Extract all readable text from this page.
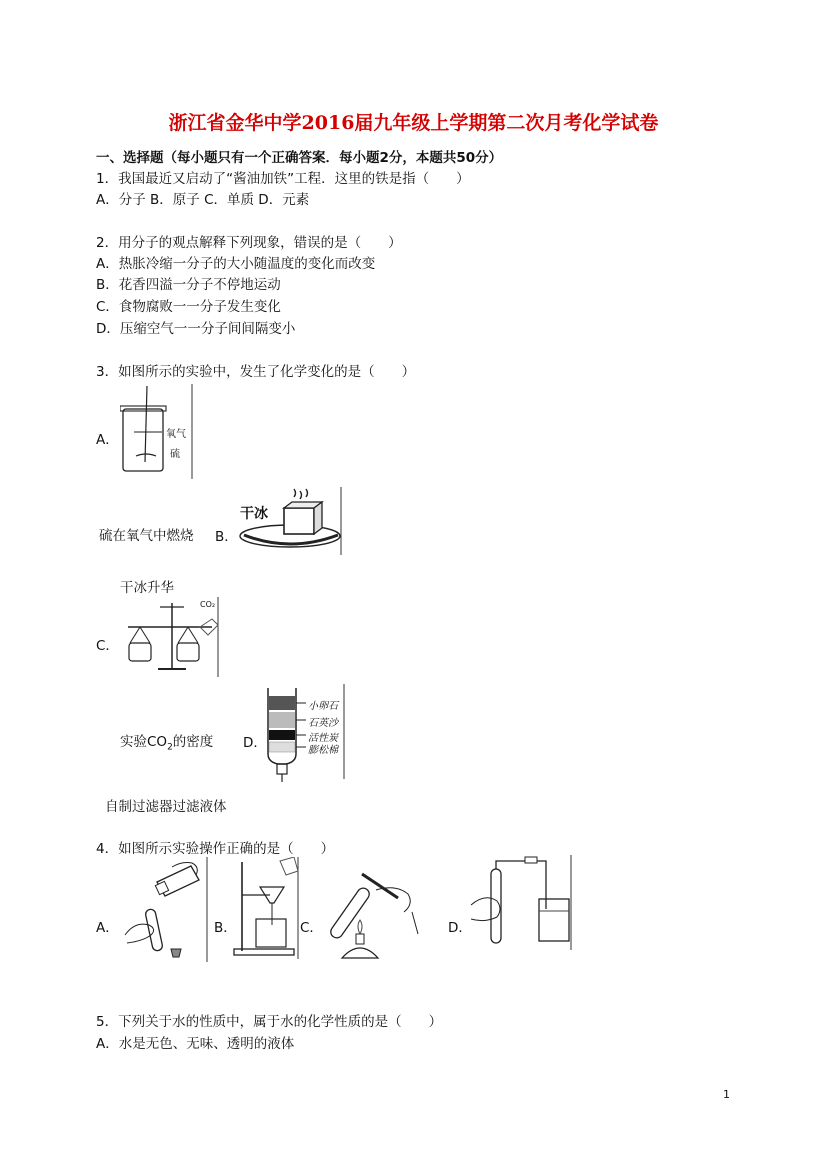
浙江省金华中学2016届九年级上学期第二次月考化学试卷
一、选择题（每小题只有一个正确答案．每小题2分，本题共50分）
1．我国最近又启动了“酱油加铁”工程．这里的铁是指（　　）
A．分子 B．原子 C．单质 D．元素
2．用分子的观点解释下列现象，错误的是（　　）
A．热胀冷缩一分子的大小随温度的变化而改变
B．花香四溢一分子不停地运动
C．食物腐败一一分子发生变化
D．压缩空气一一分子间间隔变小
3．如图所示的实验中，发生了化学变化的是（　　）
A．	氧气
硫
硫在氧气中燃烧 B．
干冰
干冰升华
C．
CO₂
实验$CO_2$的密度 D．
小卵石
石英沙
活性炭
膨松棉
自制过滤器过滤液体
4．如图所示实验操作正确的是（　　）
A．	B．	C．	D．
5．下列关于水的性质中，属于水的化学性质的是（　　）
A．水是无色、无味、透明的液体
1
